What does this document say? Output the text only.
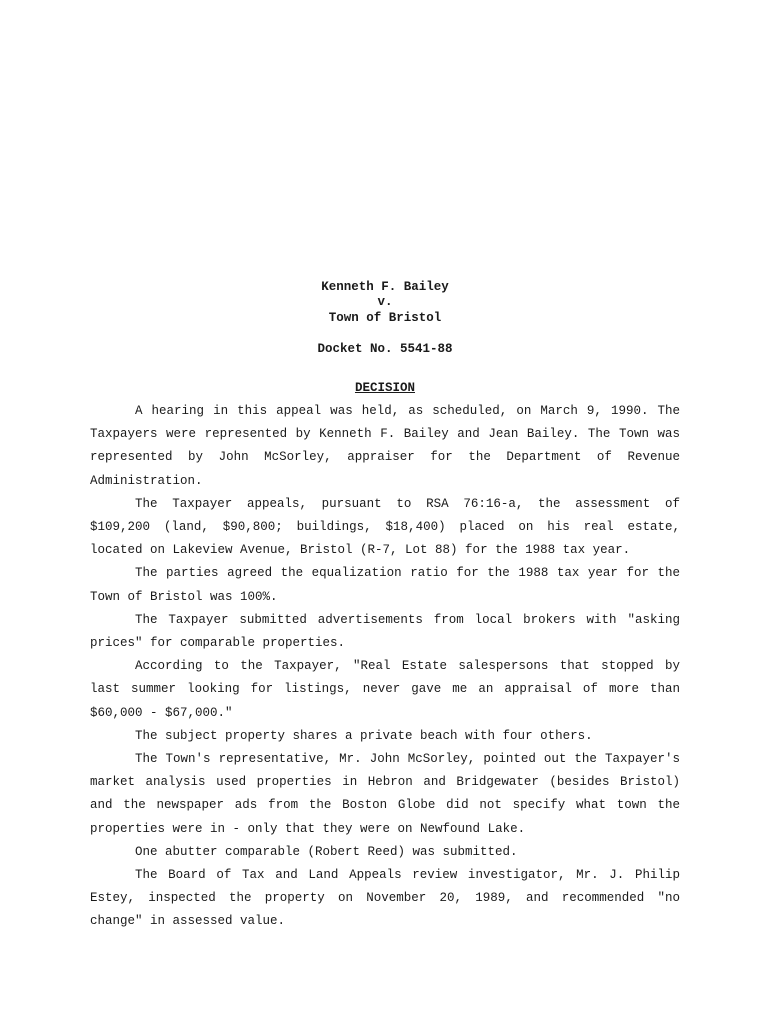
Kenneth F. Bailey
v.
Town of Bristol
Docket No. 5541-88
DECISION

A hearing in this appeal was held, as scheduled, on March 9, 1990. The Taxpayers were represented by Kenneth F. Bailey and Jean Bailey. The Town was represented by John McSorley, appraiser for the Department of Revenue Administration.

The Taxpayer appeals, pursuant to RSA 76:16-a, the assessment of $109,200 (land, $90,800; buildings, $18,400) placed on his real estate, located on Lakeview Avenue, Bristol (R-7, Lot 88) for the 1988 tax year.

The parties agreed the equalization ratio for the 1988 tax year for the Town of Bristol was 100%.

The Taxpayer submitted advertisements from local brokers with "asking prices" for comparable properties.

According to the Taxpayer, "Real Estate salespersons that stopped by last summer looking for listings, never gave me an appraisal of more than $60,000 - $67,000."

The subject property shares a private beach with four others.

The Town's representative, Mr. John McSorley, pointed out the Taxpayer's market analysis used properties in Hebron and Bridgewater (besides Bristol) and the newspaper ads from the Boston Globe did not specify what town the properties were in - only that they were on Newfound Lake.

One abutter comparable (Robert Reed) was submitted.

The Board of Tax and Land Appeals review investigator, Mr. J. Philip Estey, inspected the property on November 20, 1989, and recommended "no change" in assessed value.
